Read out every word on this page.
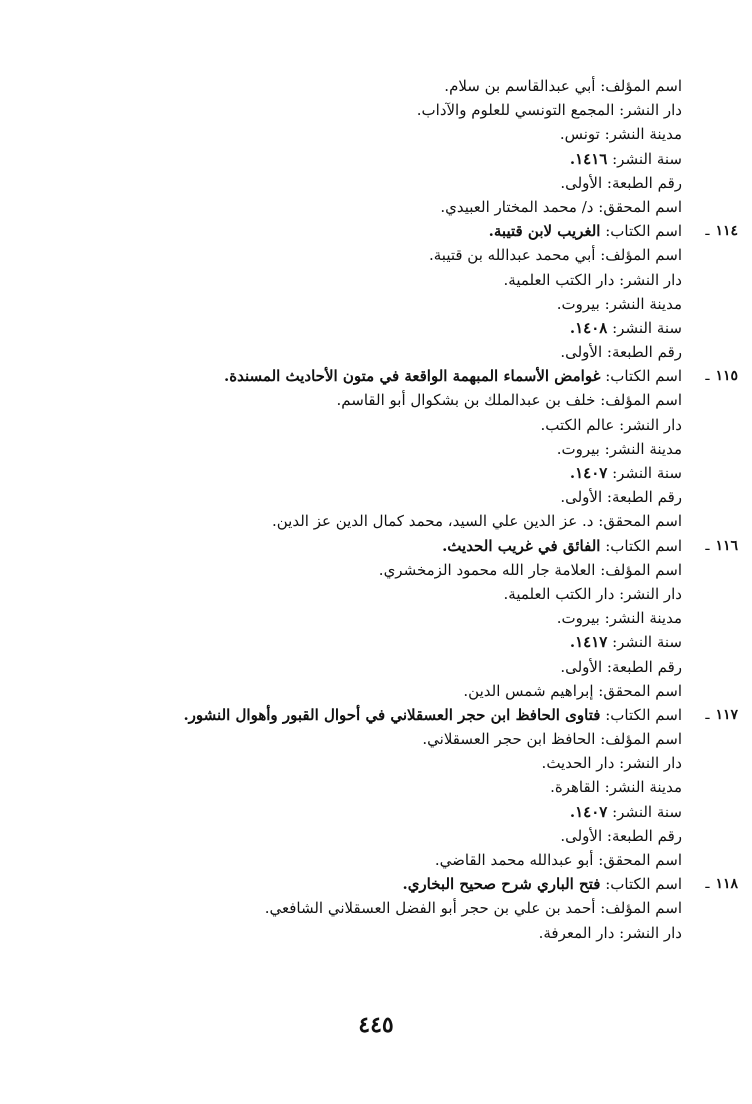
اسم المؤلف: أبي عبدالقاسم بن سلام.
دار النشر: المجمع التونسي للعلوم والآداب.
مدينة النشر: تونس.
سنة النشر: ١٤١٦.
رقم الطبعة: الأولى.
اسم المحقق: د/ محمد المختار العبيدي.
١١٤ـ
اسم الكتاب: الغريب لابن قتيبة.
اسم المؤلف: أبي محمد عبدالله بن قتيبة.
دار النشر: دار الكتب العلمية.
مدينة النشر: بيروت.
سنة النشر: ١٤٠٨.
رقم الطبعة: الأولى.
١١٥ـ
اسم الكتاب: غوامض الأسماء المبهمة الواقعة في متون الأحاديث المسندة.
اسم المؤلف: خلف بن عبدالملك بن بشكوال أبو القاسم.
دار النشر: عالم الكتب.
مدينة النشر: بيروت.
سنة النشر: ١٤٠٧.
رقم الطبعة: الأولى.
اسم المحقق: د. عز الدين علي السيد، محمد كمال الدين عز الدين.
١١٦ـ
اسم الكتاب: الفائق في غريب الحديث.
اسم المؤلف: العلامة جار الله محمود الزمخشري.
دار النشر: دار الكتب العلمية.
مدينة النشر: بيروت.
سنة النشر: ١٤١٧.
رقم الطبعة: الأولى.
اسم المحقق: إبراهيم شمس الدين.
١١٧ـ
اسم الكتاب: فتاوى الحافظ ابن حجر العسقلاني في أحوال القبور وأهوال النشور.
اسم المؤلف: الحافظ ابن حجر العسقلاني.
دار النشر: دار الحديث.
مدينة النشر: القاهرة.
سنة النشر: ١٤٠٧.
رقم الطبعة: الأولى.
اسم المحقق: أبو عبدالله محمد القاضي.
١١٨ـ
اسم الكتاب: فتح الباري شرح صحيح البخاري.
اسم المؤلف: أحمد بن علي بن حجر أبو الفضل العسقلاني الشافعي.
دار النشر: دار المعرفة.
٤٤٥
